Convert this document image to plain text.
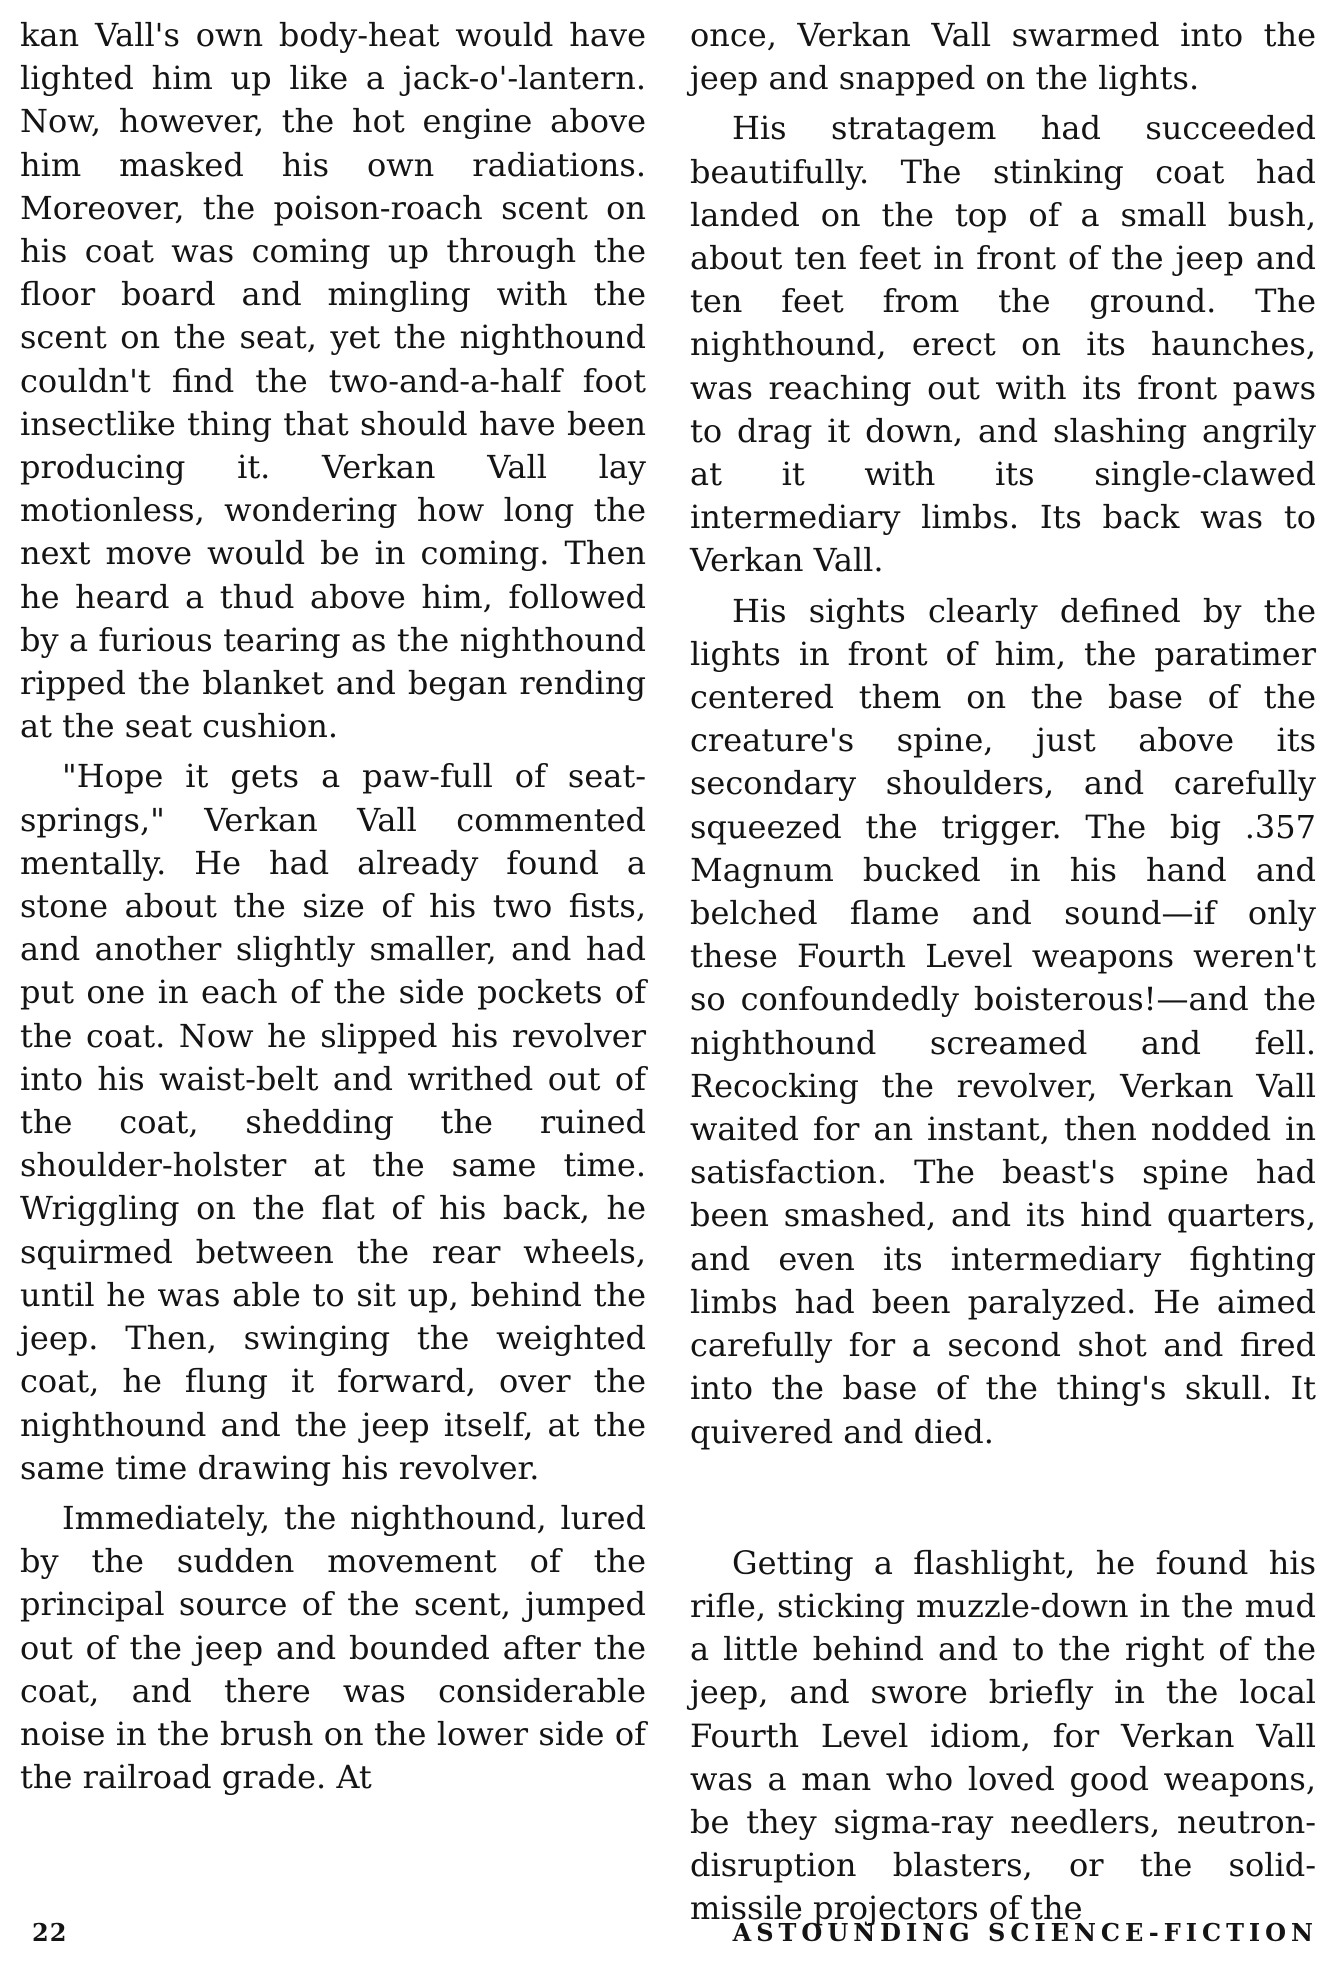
kan Vall's own body-heat would have lighted him up like a jack-o'-lantern. Now, however, the hot engine above him masked his own radiations. Moreover, the poison-roach scent on his coat was coming up through the floor board and mingling with the scent on the seat, yet the nighthound couldn't find the two-and-a-half foot insectlike thing that should have been producing it. Verkan Vall lay motionless, wondering how long the next move would be in coming. Then he heard a thud above him, followed by a furious tearing as the nighthound ripped the blanket and began rending at the seat cushion.

"Hope it gets a paw-full of seat-springs," Verkan Vall commented mentally. He had already found a stone about the size of his two fists, and another slightly smaller, and had put one in each of the side pockets of the coat. Now he slipped his revolver into his waist-belt and writhed out of the coat, shedding the ruined shoulder-holster at the same time. Wriggling on the flat of his back, he squirmed between the rear wheels, until he was able to sit up, behind the jeep. Then, swinging the weighted coat, he flung it forward, over the nighthound and the jeep itself, at the same time drawing his revolver.

Immediately, the nighthound, lured by the sudden movement of the principal source of the scent, jumped out of the jeep and bounded after the coat, and there was considerable noise in the brush on the lower side of the railroad grade. At

once, Verkan Vall swarmed into the jeep and snapped on the lights.

His stratagem had succeeded beautifully. The stinking coat had landed on the top of a small bush, about ten feet in front of the jeep and ten feet from the ground. The nighthound, erect on its haunches, was reaching out with its front paws to drag it down, and slashing angrily at it with its single-clawed intermediary limbs. Its back was to Verkan Vall.

His sights clearly defined by the lights in front of him, the paratimer centered them on the base of the creature's spine, just above its secondary shoulders, and carefully squeezed the trigger. The big .357 Magnum bucked in his hand and belched flame and sound—if only these Fourth Level weapons weren't so confoundedly boisterous!—and the nighthound screamed and fell. Recocking the revolver, Verkan Vall waited for an instant, then nodded in satisfaction. The beast's spine had been smashed, and its hind quarters, and even its intermediary fighting limbs had been paralyzed. He aimed carefully for a second shot and fired into the base of the thing's skull. It quivered and died.

Getting a flashlight, he found his rifle, sticking muzzle-down in the mud a little behind and to the right of the jeep, and swore briefly in the local Fourth Level idiom, for Verkan Vall was a man who loved good weapons, be they sigma-ray needlers, neutron-disruption blasters, or the solid-missile projectors of the

22	ASTOUNDING SCIENCE-FICTION
